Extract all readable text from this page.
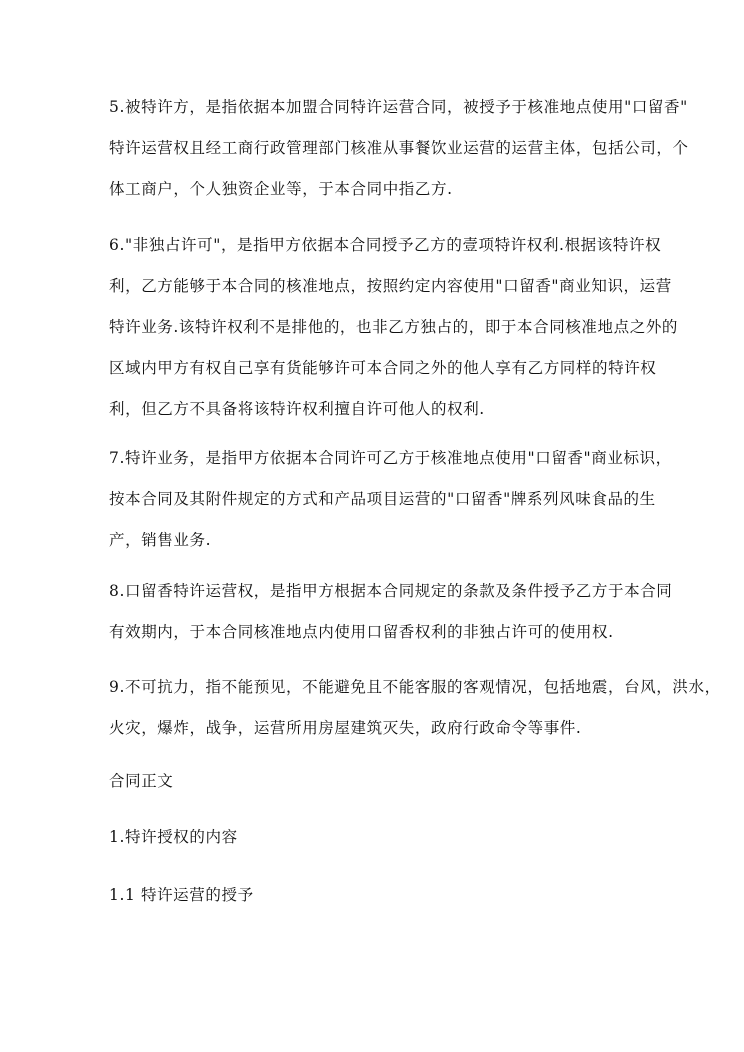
5.被特许方，是指依据本加盟合同特许运营合同，被授予于核准地点使用"口留香"
特许运营权且经工商行政管理部门核准从事餐饮业运营的运营主体，包括公司，个
体工商户，个人独资企业等，于本合同中指乙方.
6."非独占许可"，是指甲方依据本合同授予乙方的壹项特许权利.根据该特许权
利，乙方能够于本合同的核准地点，按照约定内容使用"口留香"商业知识，运营
特许业务.该特许权利不是排他的，也非乙方独占的，即于本合同核准地点之外的
区域内甲方有权自己享有货能够许可本合同之外的他人享有乙方同样的特许权
利，但乙方不具备将该特许权利擅自许可他人的权利.
7.特许业务，是指甲方依据本合同许可乙方于核准地点使用"口留香"商业标识，
按本合同及其附件规定的方式和产品项目运营的"口留香"牌系列风味食品的生
产，销售业务.
8.口留香特许运营权，是指甲方根据本合同规定的条款及条件授予乙方于本合同
有效期内，于本合同核准地点内使用口留香权利的非独占许可的使用权.
9.不可抗力，指不能预见，不能避免且不能客服的客观情况，包括地震，台风，洪水，
火灾，爆炸，战争，运营所用房屋建筑灭失，政府行政命令等事件.
合同正文
1.特许授权的内容
1.1 特许运营的授予
